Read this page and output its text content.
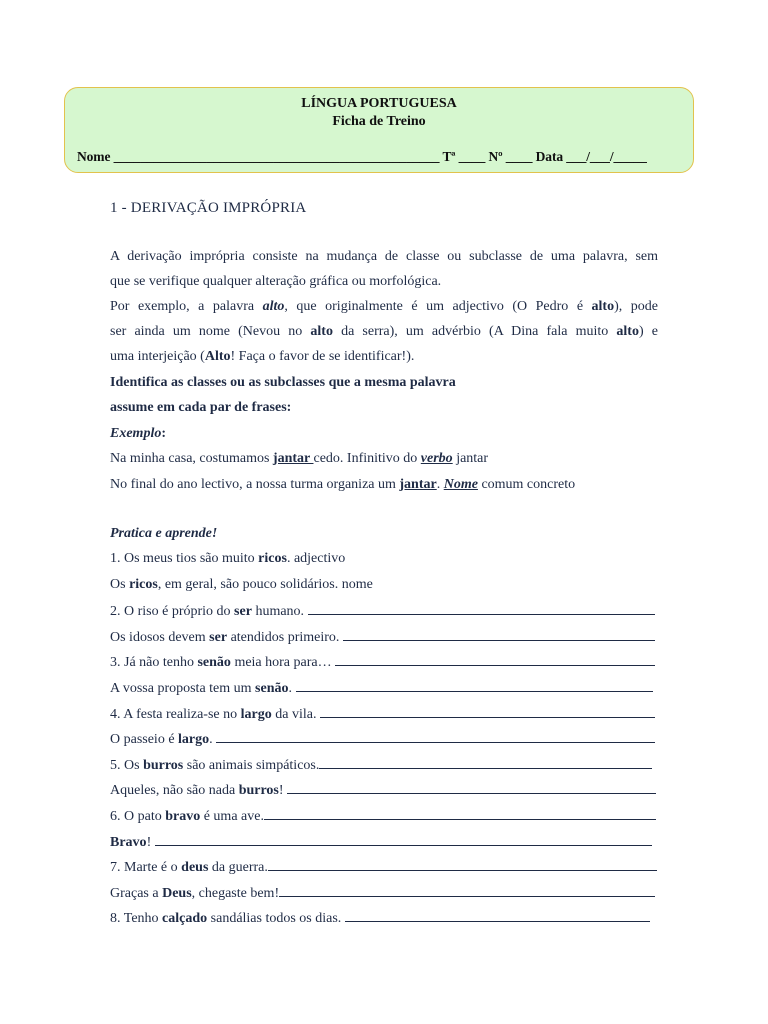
LÍNGUA PORTUGUESA
Ficha de Treino
Nome _________________________________________________ Tª ____ Nº ____ Data ___/___/_____
1 - DERIVAÇÃO IMPRÓPRIA
A derivação imprópria consiste na mudança de classe ou subclasse de uma palavra, sem
que se verifique qualquer alteração gráfica ou morfológica.
Por exemplo, a palavra alto, que originalmente é um adjectivo (O Pedro é alto), pode
ser ainda um nome (Nevou no alto da serra), um advérbio (A Dina fala muito alto) e
uma interjeição (Alto! Faça o favor de se identificar!).
Identifica as classes ou as subclasses que a mesma palavra
assume em cada par de frases:
Exemplo:
Na minha casa, costumamos jantar cedo. Infinitivo do verbo jantar
No final do ano lectivo, a nossa turma organiza um jantar. Nome comum concreto
Pratica e aprende!
1. Os meus tios são muito ricos. adjectivo
Os ricos, em geral, são pouco solidários. nome
2. O riso é próprio do ser humano.
Os idosos devem ser atendidos primeiro.
3. Já não tenho senão meia hora para…
A vossa proposta tem um senão.
4. A festa realiza-se no largo da vila.
O passeio é largo.
5. Os burros são animais simpáticos.
Aqueles, não são nada burros!
6. O pato bravo é uma ave.
Bravo!
7. Marte é o deus da guerra.
Graças a Deus, chegaste bem!
8. Tenho calçado sandálias todos os dias.
